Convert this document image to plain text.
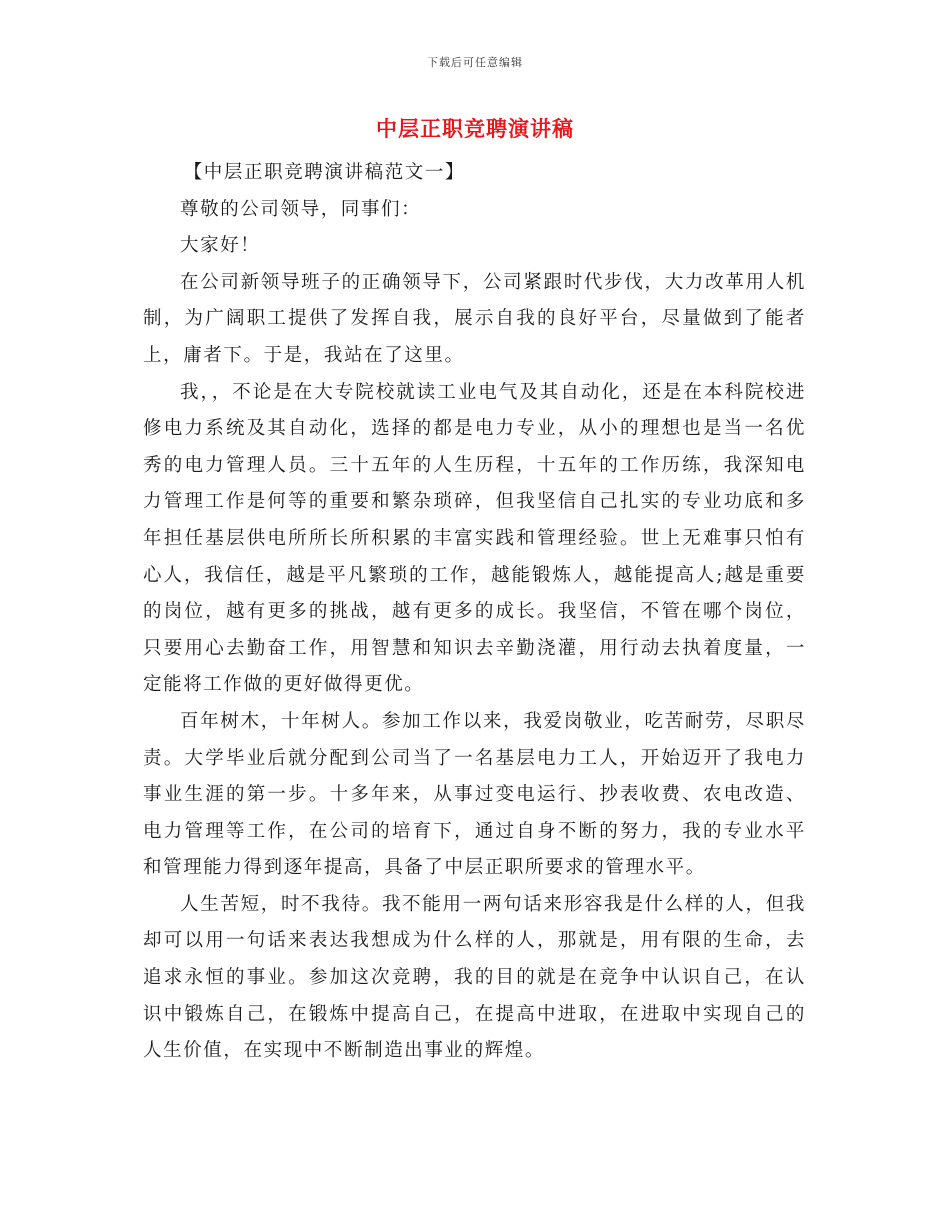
下载后可任意编辑
中层正职竞聘演讲稿

【中层正职竞聘演讲稿范文一】

尊敬的公司领导，同事们：

大家好！

在公司新领导班子的正确领导下，公司紧跟时代步伐，大力改革用人机制，为广阔职工提供了发挥自我，展示自我的良好平台，尽量做到了能者上，庸者下。于是，我站在了这里。

我，，不论是在大专院校就读工业电气及其自动化，还是在本科院校进修电力系统及其自动化，选择的都是电力专业，从小的理想也是当一名优秀的电力管理人员。三十五年的人生历程，十五年的工作历练，我深知电力管理工作是何等的重要和繁杂琐碎，但我坚信自己扎实的专业功底和多年担任基层供电所所长所积累的丰富实践和管理经验。世上无难事只怕有心人，我信任，越是平凡繁琐的工作，越能锻炼人，越能提高人;越是重要的岗位，越有更多的挑战，越有更多的成长。我坚信，不管在哪个岗位，只要用心去勤奋工作，用智慧和知识去辛勤浇灌，用行动去执着度量，一定能将工作做的更好做得更优。

百年树木，十年树人。参加工作以来，我爱岗敬业，吃苦耐劳，尽职尽责。大学毕业后就分配到公司当了一名基层电力工人，开始迈开了我电力事业生涯的第一步。十多年来，从事过变电运行、抄表收费、农电改造、电力管理等工作，在公司的培育下，通过自身不断的努力，我的专业水平和管理能力得到逐年提高，具备了中层正职所要求的管理水平。

人生苦短，时不我待。我不能用一两句话来形容我是什么样的人，但我却可以用一句话来表达我想成为什么样的人，那就是，用有限的生命，去追求永恒的事业。参加这次竞聘，我的目的就是在竞争中认识自己，在认识中锻炼自己，在锻炼中提高自己，在提高中进取，在进取中实现自己的人生价值，在实现中不断制造出事业的辉煌。
